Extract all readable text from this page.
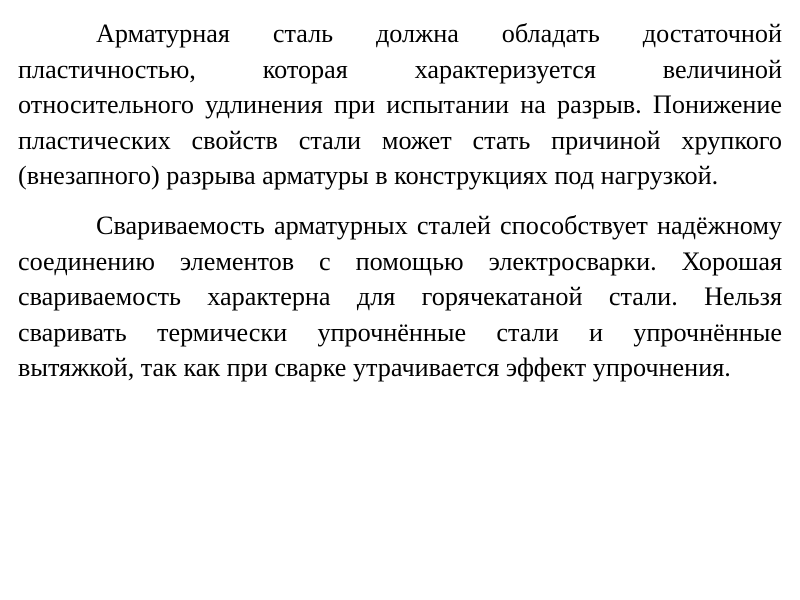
Арматурная сталь должна обладать достаточной пластичностью, которая характеризуется величиной относительного удлинения при испытании на разрыв. Понижение пластических свойств стали может стать причиной хрупкого (внезапного) разрыва арматуры в конструкциях под нагрузкой.

Свариваемость арматурных сталей способствует надёжному соединению элементов с помощью электросварки. Хорошая свариваемость характерна для горячекатаной стали. Нельзя сваривать термически упрочнённые стали и упрочнённые вытяжкой, так как при сварке утрачивается эффект упрочнения.
